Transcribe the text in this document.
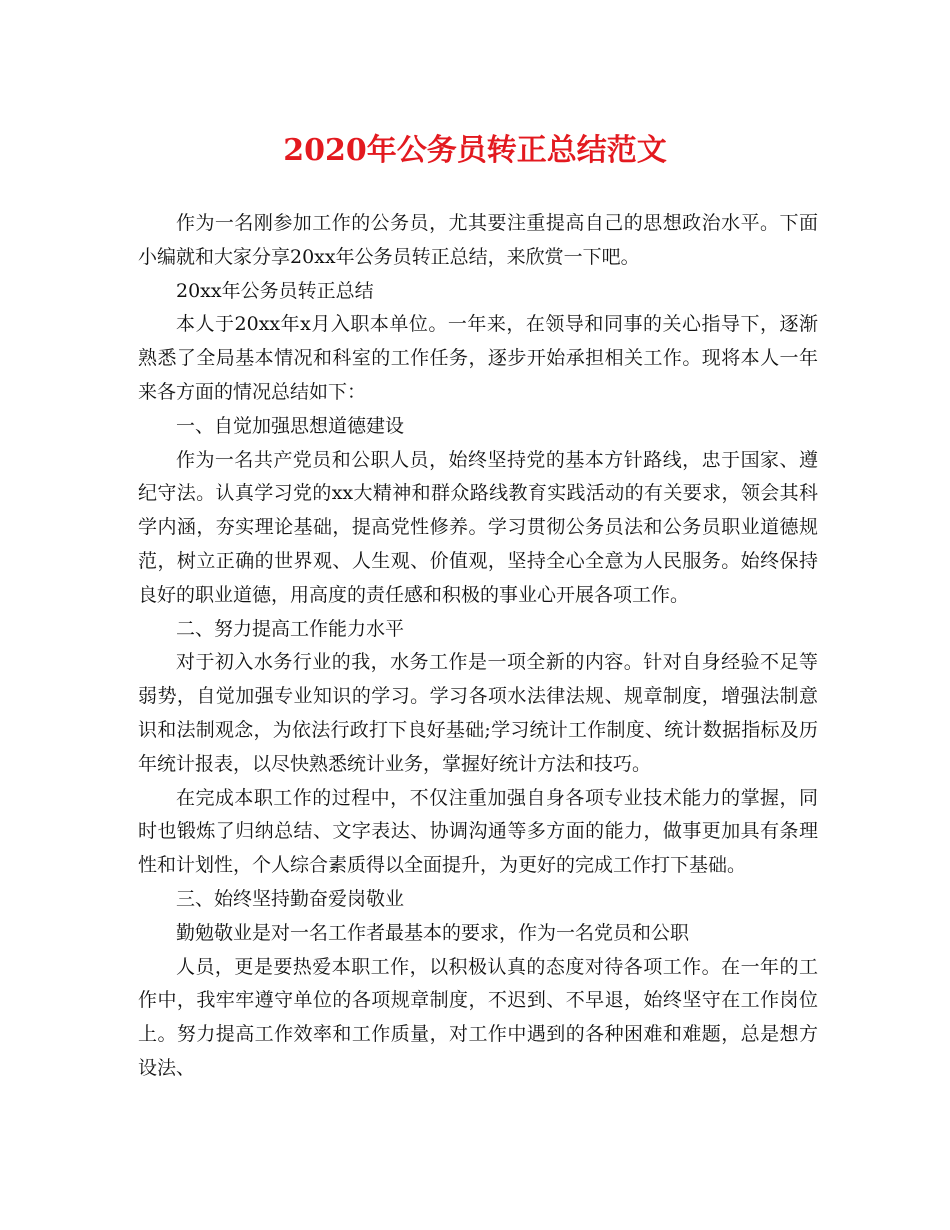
2020年公务员转正总结范文

作为一名刚参加工作的公务员，尤其要注重提高自己的思想政治水平。下面小编就和大家分享20xx年公务员转正总结，来欣赏一下吧。

20xx年公务员转正总结

本人于20xx年x月入职本单位。一年来，在领导和同事的关心指导下，逐渐熟悉了全局基本情况和科室的工作任务，逐步开始承担相关工作。现将本人一年来各方面的情况总结如下：

一、自觉加强思想道德建设

作为一名共产党员和公职人员，始终坚持党的基本方针路线，忠于国家、遵纪守法。认真学习党的xx大精神和群众路线教育实践活动的有关要求，领会其科学内涵，夯实理论基础，提高党性修养。学习贯彻公务员法和公务员职业道德规范，树立正确的世界观、人生观、价值观，坚持全心全意为人民服务。始终保持良好的职业道德，用高度的责任感和积极的事业心开展各项工作。

二、努力提高工作能力水平

对于初入水务行业的我，水务工作是一项全新的内容。针对自身经验不足等弱势，自觉加强专业知识的学习。学习各项水法律法规、规章制度，增强法制意识和法制观念，为依法行政打下良好基础;学习统计工作制度、统计数据指标及历年统计报表，以尽快熟悉统计业务，掌握好统计方法和技巧。

在完成本职工作的过程中，不仅注重加强自身各项专业技术能力的掌握，同时也锻炼了归纳总结、文字表达、协调沟通等多方面的能力，做事更加具有条理性和计划性，个人综合素质得以全面提升，为更好的完成工作打下基础。

三、始终坚持勤奋爱岗敬业

勤勉敬业是对一名工作者最基本的要求，作为一名党员和公职

人员，更是要热爱本职工作，以积极认真的态度对待各项工作。在一年的工作中，我牢牢遵守单位的各项规章制度，不迟到、不早退，始终坚守在工作岗位上。努力提高工作效率和工作质量，对工作中遇到的各种困难和难题，总是想方设法、
